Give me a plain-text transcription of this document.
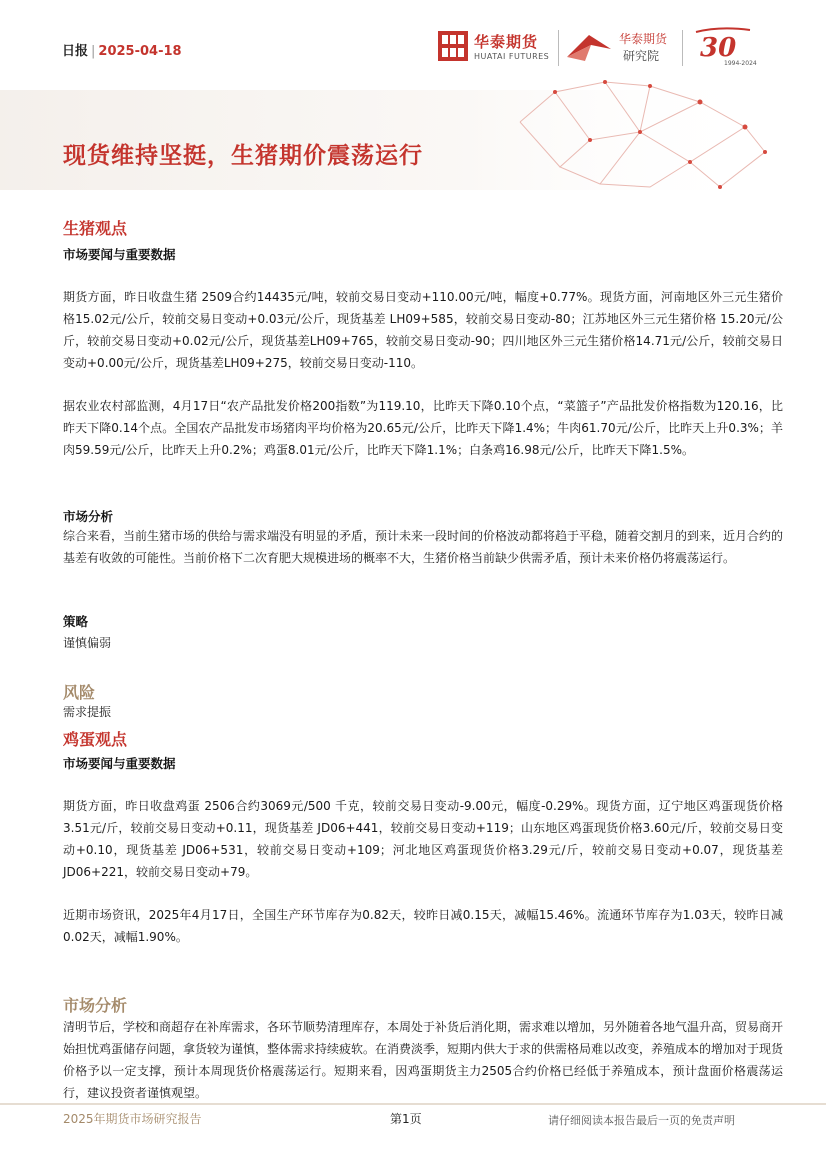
日报 | 2025-04-18
华泰期货
HUATAI FUTURES
华泰期货
研究院 30
1994-2024
现货维持坚挺，生猪期价震荡运行
生猪观点
市场要闻与重要数据

期货方面，昨日收盘生猪 2509合约14435元/吨，较前交易日变动+110.00元/吨，幅度+0.77%。现货方面，河南地区外三元生猪价格15.02元/公斤，较前交易日变动+0.03元/公斤，现货基差 LH09+585，较前交易日变动-80；江苏地区外三元生猪价格 15.20元/公斤，较前交易日变动+0.02元/公斤，现货基差LH09+765，较前交易日变动-90；四川地区外三元生猪价格14.71元/公斤，较前交易日变动+0.00元/公斤，现货基差LH09+275，较前交易日变动-110。

据农业农村部监测，4月17日“农产品批发价格200指数”为119.10，比昨天下降0.10个点，“菜篮子”产品批发价格指数为120.16，比昨天下降0.14个点。全国农产品批发市场猪肉平均价格为20.65元/公斤，比昨天下降1.4%；牛肉61.70元/公斤，比昨天上升0.3%；羊肉59.59元/公斤，比昨天上升0.2%；鸡蛋8.01元/公斤，比昨天下降1.1%；白条鸡16.98元/公斤，比昨天下降1.5%。

市场分析

综合来看，当前生猪市场的供给与需求端没有明显的矛盾，预计未来一段时间的价格波动都将趋于平稳，随着交割月的到来，近月合约的基差有收敛的可能性。当前价格下二次育肥大规模进场的概率不大，生猪价格当前缺少供需矛盾，预计未来价格仍将震荡运行。

策略

谨慎偏弱

风险

需求提振

鸡蛋观点
市场要闻与重要数据

期货方面，昨日收盘鸡蛋 2506合约3069元/500 千克，较前交易日变动-9.00元，幅度-0.29%。现货方面，辽宁地区鸡蛋现货价格3.51元/斤，较前交易日变动+0.11，现货基差 JD06+441，较前交易日变动+119；山东地区鸡蛋现货价格3.60元/斤，较前交易日变动+0.10，现货基差 JD06+531，较前交易日变动+109；河北地区鸡蛋现货价格3.29元/斤，较前交易日变动+0.07，现货基差 JD06+221，较前交易日变动+79。

近期市场资讯，2025年4月17日，全国生产环节库存为0.82天，较昨日减0.15天，减幅15.46%。流通环节库存为1.03天，较昨日减0.02天，减幅1.90%。

市场分析

清明节后，学校和商超存在补库需求，各环节顺势清理库存，本周处于补货后消化期，需求难以增加，另外随着各地气温升高，贸易商开始担忧鸡蛋储存问题，拿货较为谨慎，整体需求持续疲软。在消费淡季，短期内供大于求的供需格局难以改变，养殖成本的增加对于现货价格予以一定支撑，预计本周现货价格震荡运行。短期来看，因鸡蛋期货主力2505合约价格已经低于养殖成本，预计盘面价格震荡运行，建议投资者谨慎观望。

2025年期货市场研究报告	第1页	请仔细阅读本报告最后一页的免责声明
